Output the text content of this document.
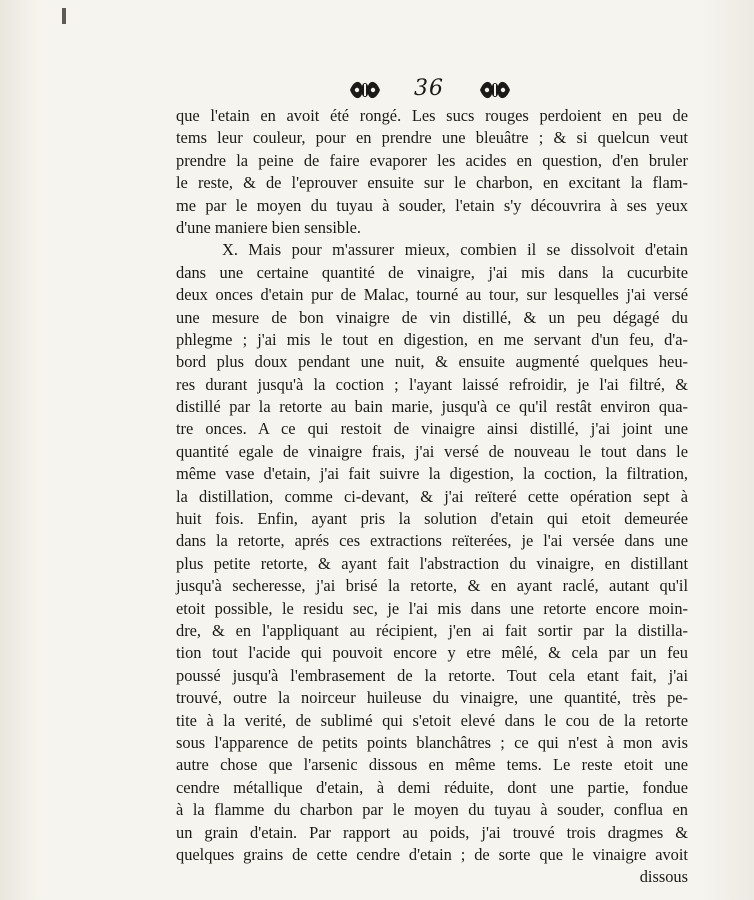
36
que l'etain en avoit été rongé. Les sucs rouges perdoient en peu de
tems leur couleur, pour en prendre une bleuâtre ; & si quelcun veut
prendre la peine de faire evaporer les acides en question, d'en bruler
le reste, & de l'eprouver ensuite sur le charbon, en excitant la flam-
me par le moyen du tuyau à souder, l'etain s'y découvrira à ses yeux
d'une maniere bien sensible.
X. Mais pour m'assurer mieux, combien il se dissolvoit d'etain
dans une certaine quantité de vinaigre, j'ai mis dans la cucurbite
deux onces d'etain pur de Malac, tourné au tour, sur lesquelles j'ai versé
une mesure de bon vinaigre de vin distillé, & un peu dégagé du
phlegme ; j'ai mis le tout en digestion, en me servant d'un feu, d'a-
bord plus doux pendant une nuit, & ensuite augmenté quelques heu-
res durant jusqu'à la coction ; l'ayant laissé refroidir, je l'ai filtré, &
distillé par la retorte au bain marie, jusqu'à ce qu'il restât environ qua-
tre onces. A ce qui restoit de vinaigre ainsi distillé, j'ai joint une
quantité egale de vinaigre frais, j'ai versé de nouveau le tout dans le
même vase d'etain, j'ai fait suivre la digestion, la coction, la filtration,
la distillation, comme ci-devant, & j'ai reïteré cette opération sept à
huit fois. Enfin, ayant pris la solution d'etain qui etoit demeurée
dans la retorte, aprés ces extractions reïterées, je l'ai versée dans une
plus petite retorte, & ayant fait l'abstraction du vinaigre, en distillant
jusqu'à secheresse, j'ai brisé la retorte, & en ayant raclé, autant qu'il
etoit possible, le residu sec, je l'ai mis dans une retorte encore moin-
dre, & en l'appliquant au récipient, j'en ai fait sortir par la distilla-
tion tout l'acide qui pouvoit encore y etre mêlé, & cela par un feu
poussé jusqu'à l'embrasement de la retorte. Tout cela etant fait, j'ai
trouvé, outre la noirceur huileuse du vinaigre, une quantité, très pe-
tite à la verité, de sublimé qui s'etoit elevé dans le cou de la retorte
sous l'apparence de petits points blanchâtres ; ce qui n'est à mon avis
autre chose que l'arsenic dissous en même tems. Le reste etoit une
cendre métallique d'etain, à demi réduite, dont une partie, fondue
à la flamme du charbon par le moyen du tuyau à souder, conflua en
un grain d'etain. Par rapport au poids, j'ai trouvé trois dragmes &
quelques grains de cette cendre d'etain ; de sorte que le vinaigre avoit
dissous
